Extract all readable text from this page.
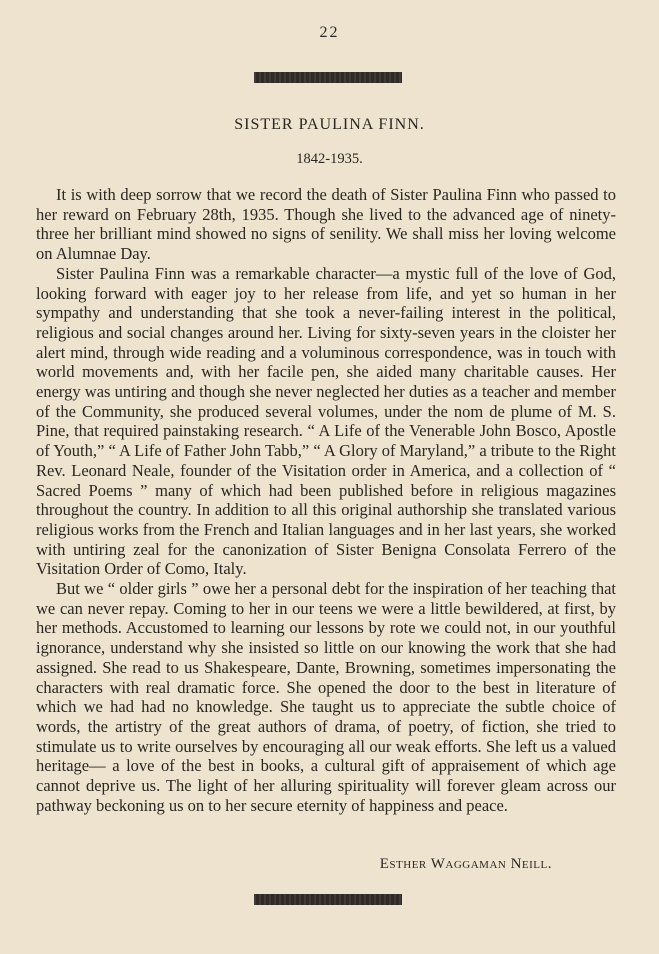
22
SISTER PAULINA FINN.
1842-1935.

It is with deep sorrow that we record the death of Sister Paulina Finn who passed to her reward on February 28th, 1935. Though she lived to the advanced age of ninety-three her brilliant mind showed no signs of senility. We shall miss her loving welcome on Alumnae Day.

Sister Paulina Finn was a remarkable character—a mystic full of the love of God, looking forward with eager joy to her release from life, and yet so human in her sympathy and understanding that she took a never-failing interest in the political, religious and social changes around her. Living for sixty-seven years in the cloister her alert mind, through wide reading and a voluminous correspondence, was in touch with world movements and, with her facile pen, she aided many charitable causes. Her energy was untiring and though she never neglected her duties as a teacher and member of the Community, she produced several volumes, under the nom de plume of M. S. Pine, that required painstaking research. “ A Life of the Venerable John Bosco, Apostle of Youth,” “ A Life of Father John Tabb,” “ A Glory of Maryland,” a tribute to the Right Rev. Leonard Neale, founder of the Visitation order in America, and a collection of “ Sacred Poems ” many of which had been published before in religious magazines throughout the country. In addition to all this original authorship she translated various religious works from the French and Italian languages and in her last years, she worked with untiring zeal for the canonization of Sister Benigna Consolata Ferrero of the Visitation Order of Como, Italy.

But we “ older girls ” owe her a personal debt for the inspiration of her teaching that we can never repay. Coming to her in our teens we were a little bewildered, at first, by her methods. Accustomed to learning our lessons by rote we could not, in our youthful ignorance, understand why she insisted so little on our knowing the work that she had assigned. She read to us Shakespeare, Dante, Browning, sometimes impersonating the characters with real dramatic force. She opened the door to the best in literature of which we had had no knowledge. She taught us to appreciate the subtle choice of words, the artistry of the great authors of drama, of poetry, of fiction, she tried to stimulate us to write ourselves by encouraging all our weak efforts. She left us a valued heritage— a love of the best in books, a cultural gift of appraisement of which age cannot deprive us. The light of her alluring spirituality will forever gleam across our pathway beckoning us on to her secure eternity of happiness and peace.

Esther Waggaman Neill.
